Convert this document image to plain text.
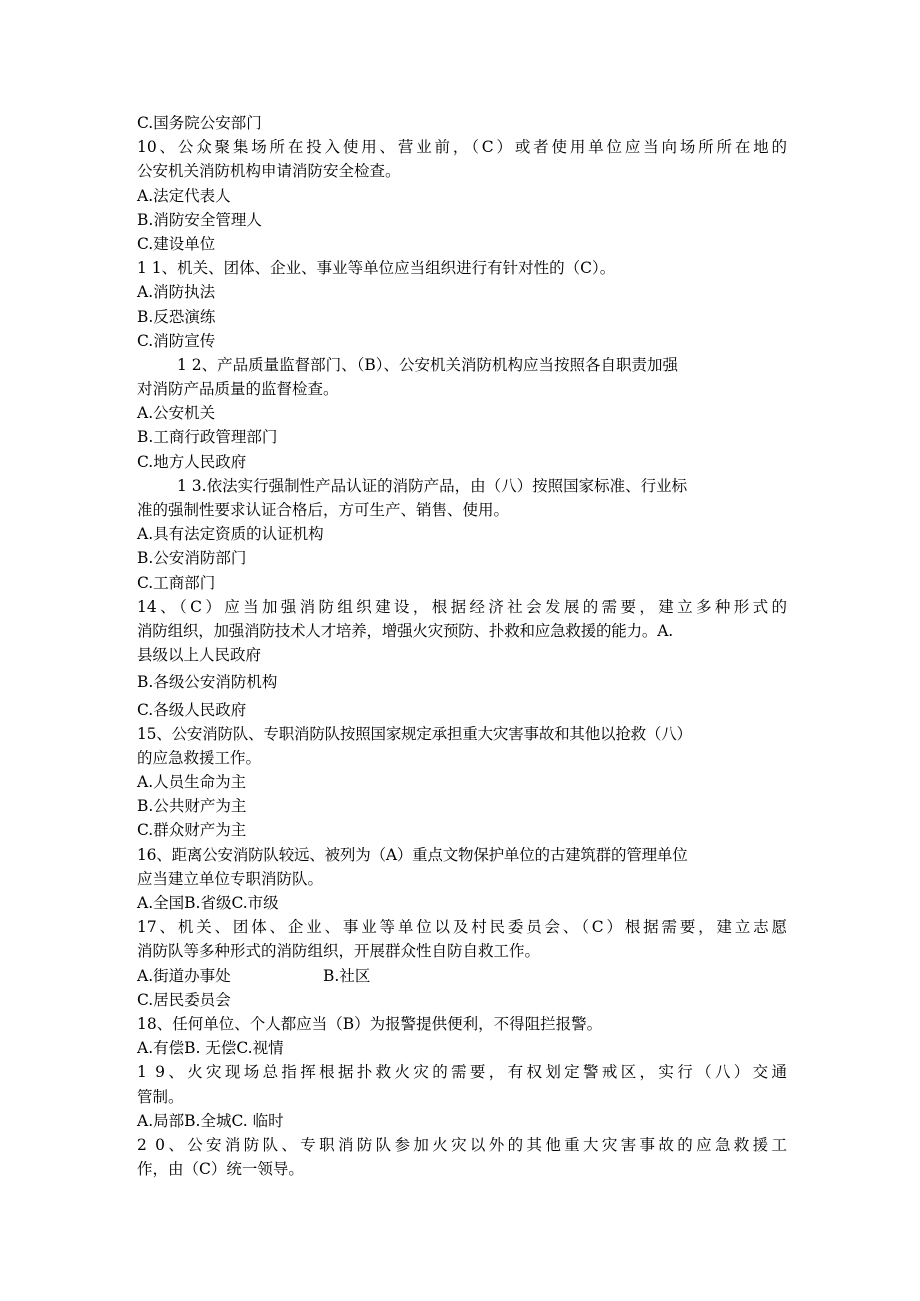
C.国务院公安部门
10、公众聚集场所在投入使用、营业前，（C）或者使用单位应当向场所所在地的
公安机关消防机构申请消防安全检查。
A.法定代表人
B.消防安全管理人
C.建设单位
1 1、机关、团体、企业、事业等单位应当组织进行有针对性的（C）。
A.消防执法
B.反恐演练
C.消防宣传
1 2、产品质量监督部门、（B）、公安机关消防机构应当按照各自职责加强
对消防产品质量的监督检查。
A.公安机关
B.工商行政管理部门
C.地方人民政府
1 3.依法实行强制性产品认证的消防产品，由（八）按照国家标准、行业标
准的强制性要求认证合格后，方可生产、销售、使用。
A.具有法定资质的认证机构
B.公安消防部门
C.工商部门
14、（C）应当加强消防组织建设，根据经济社会发展的需要，建立多种形式的
消防组织，加强消防技术人才培养，增强火灾预防、扑救和应急救援的能力。A.
县级以上人民政府
B.各级公安消防机构
C.各级人民政府
15、公安消防队、专职消防队按照国家规定承担重大灾害事故和其他以抢救（八）
的应急救援工作。
A.人员生命为主
B.公共财产为主
C.群众财产为主
16、距离公安消防队较远、被列为（A）重点文物保护单位的古建筑群的管理单位
应当建立单位专职消防队。
A.全国B.省级C.市级
17、机关、团体、企业、事业等单位以及村民委员会、（C）根据需要，建立志愿
消防队等多种形式的消防组织，开展群众性自防自救工作。
A.街道办事处	B.社区
C.居民委员会
18、任何单位、个人都应当（B）为报警提供便利，不得阻拦报警。
A.有偿B. 无偿C.视情
1 9、火灾现场总指挥根据扑救火灾的需要，有权划定警戒区，实行（八）交通
管制。
A.局部B.全城C. 临时
2 0、公安消防队、专职消防队参加火灾以外的其他重大灾害事故的应急救援工
作，由（C）统一领导。
